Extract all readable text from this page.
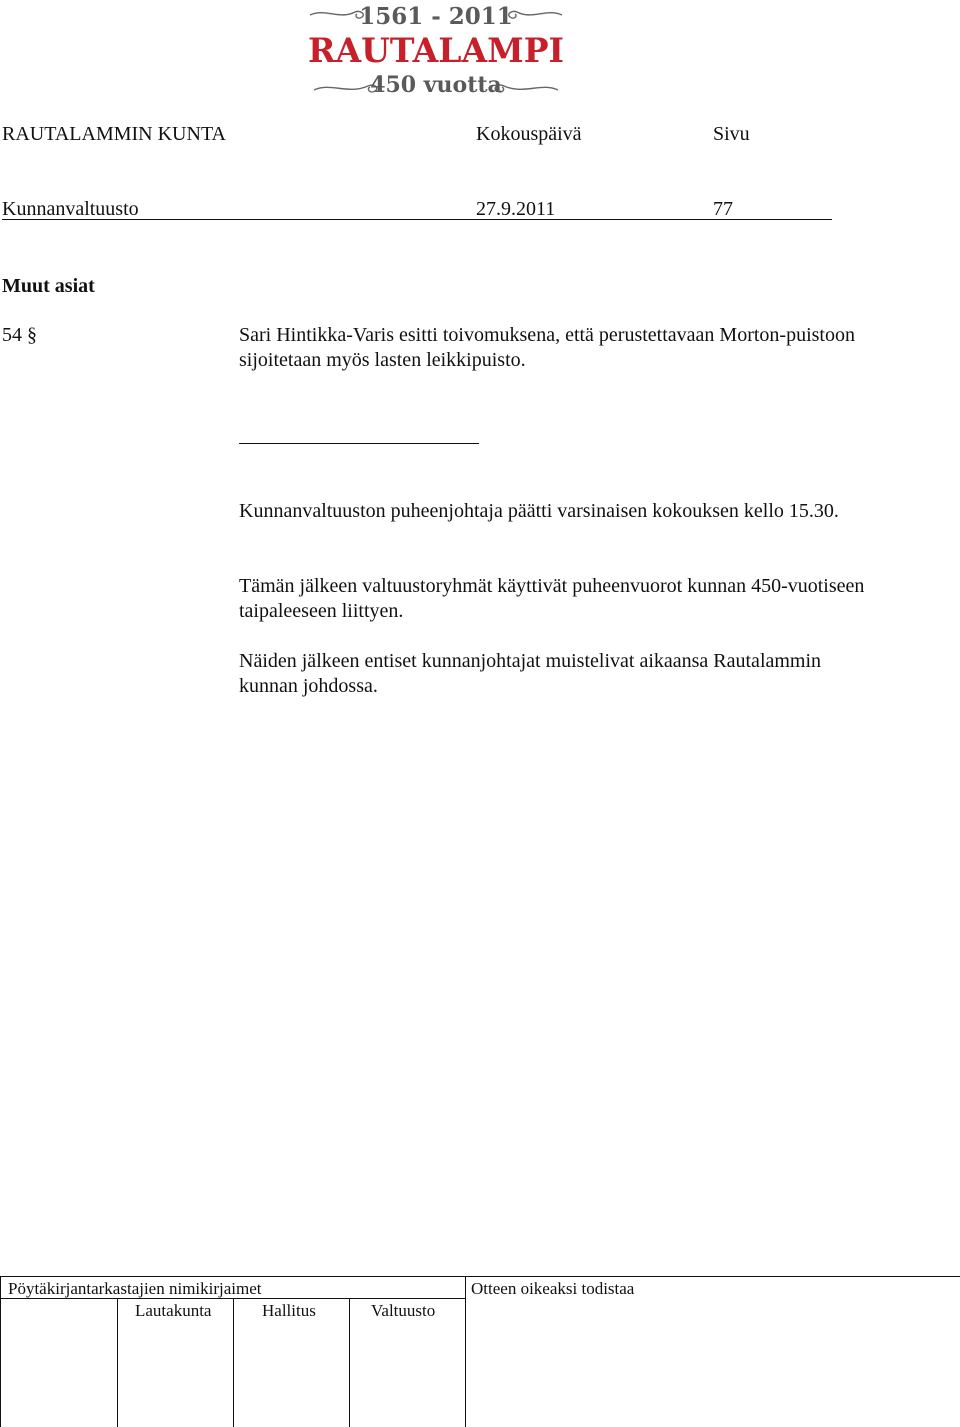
1561 - 2011
RAUTALAMPI
450 vuotta
RAUTALAMMIN KUNTA	Kokouspäivä	Sivu
Kunnanvaltuusto	27.9.2011	77
Muut asiat
54 §	Sari Hintikka-Varis esitti toivomuksena, että perustettavaan Morton-puistoon sijoitetaan myös lasten leikkipuisto.
Kunnanvaltuuston puheenjohtaja päätti varsinaisen kokouksen kello 15.30.
Tämän jälkeen valtuustoryhmät käyttivät puheenvuorot kunnan 450-vuotiseen taipaleeseen liittyen.
Näiden jälkeen entiset kunnanjohtajat muistelivat aikaansa Rautalammin kunnan johdossa.
Pöytäkirjantarkastajien nimikirjaimet	Otteen oikeaksi todistaa
Lautakunta	Hallitus	Valtuusto
